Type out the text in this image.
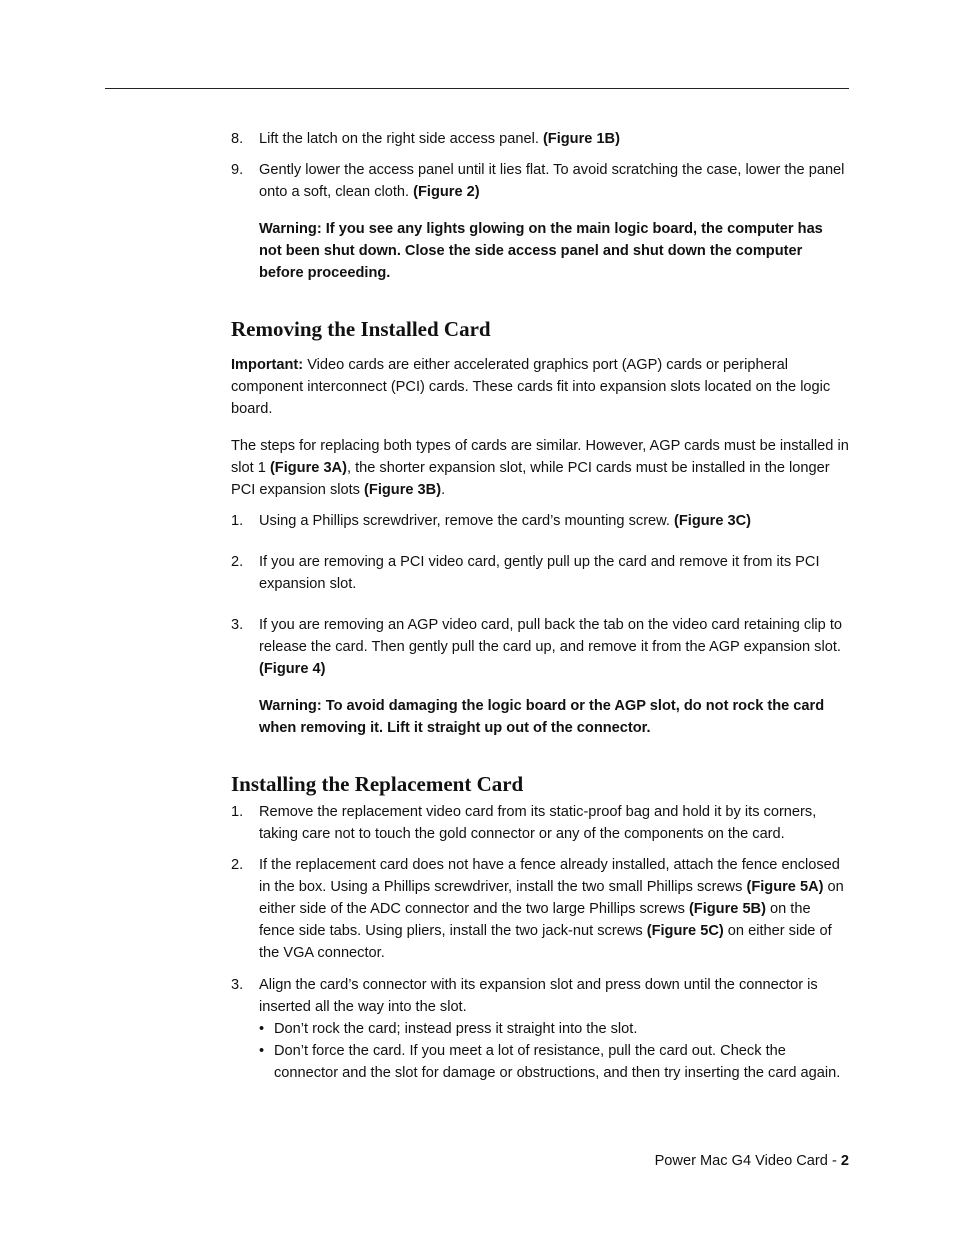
8. Lift the latch on the right side access panel. (Figure 1B)
9. Gently lower the access panel until it lies flat. To avoid scratching the case, lower the panel onto a soft, clean cloth. (Figure 2)

Warning: If you see any lights glowing on the main logic board, the computer has not been shut down. Close the side access panel and shut down the computer before proceeding.

Removing the Installed Card

Important: Video cards are either accelerated graphics port (AGP) cards or peripheral component interconnect (PCI) cards. These cards fit into expansion slots located on the logic board.

The steps for replacing both types of cards are similar. However, AGP cards must be installed in slot 1 (Figure 3A), the shorter expansion slot, while PCI cards must be installed in the longer PCI expansion slots (Figure 3B).

1. Using a Phillips screwdriver, remove the card’s mounting screw. (Figure 3C)
2. If you are removing a PCI video card, gently pull up the card and remove it from its PCI expansion slot.
3. If you are removing an AGP video card, pull back the tab on the video card retaining clip to release the card. Then gently pull the card up, and remove it from the AGP expansion slot. (Figure 4)

Warning: To avoid damaging the logic board or the AGP slot, do not rock the card when removing it. Lift it straight up out of the connector.

Installing the Replacement Card
1. Remove the replacement video card from its static-proof bag and hold it by its corners, taking care not to touch the gold connector or any of the components on the card.
2. If the replacement card does not have a fence already installed, attach the fence enclosed in the box. Using a Phillips screwdriver, install the two small Phillips screws (Figure 5A) on either side of the ADC connector and the two large Phillips screws (Figure 5B) on the fence side tabs. Using pliers, install the two jack-nut screws (Figure 5C) on either side of the VGA connector.
3. Align the card’s connector with its expansion slot and press down until the connector is inserted all the way into the slot.
• Don’t rock the card; instead press it straight into the slot.
• Don’t force the card. If you meet a lot of resistance, pull the card out. Check the connector and the slot for damage or obstructions, and then try inserting the card again.
Power Mac G4 Video Card - 2
